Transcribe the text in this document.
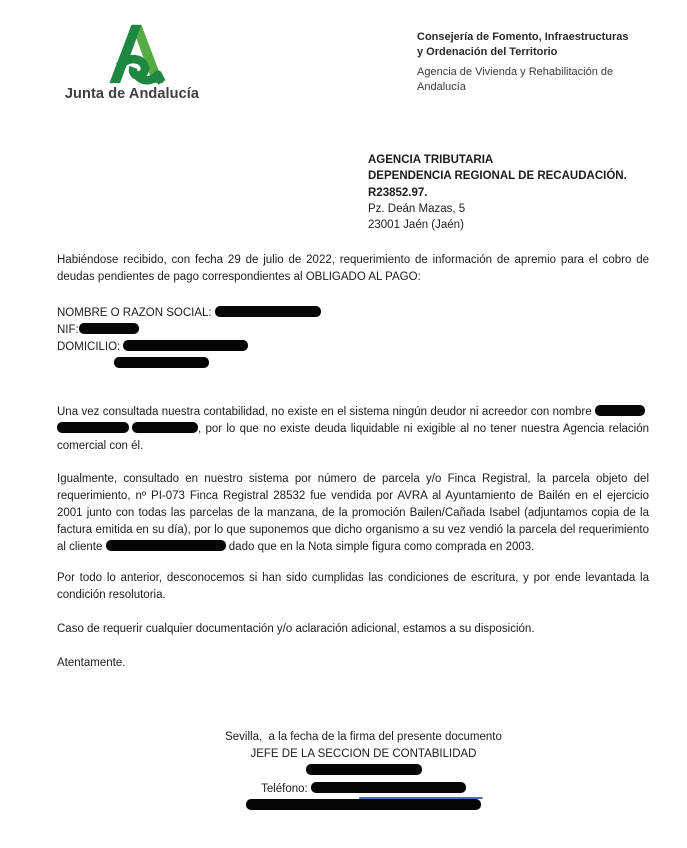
Junta de Andalucía
Consejería de Fomento, Infraestructuras
y Ordenación del Territorio
Agencia de Vivienda y Rehabilitación de Andalucía
AGENCIA TRIBUTARIA
DEPENDENCIA REGIONAL DE RECAUDACIÓN.
R23852.97.
Pz. Deán Mazas, 5
23001 Jaén (Jaén)
Habiéndose recibido, con fecha 29 de julio de 2022, requerimiento de información de apremio para el cobro de deudas pendientes de pago correspondientes al OBLIGADO AL PAGO:
NOMBRE O RAZON SOCIAL:
NIF:
DOMICILIO:
Una vez consultada nuestra contabilidad, no existe en el sistema ningún deudor ni acreedor con nombre , por lo que no existe deuda liquidable ni exigible al no tener nuestra Agencia relación comercial con él.
Igualmente, consultado en nuestro sistema por número de parcela y/o Finca Registral, la parcela objeto del requerimiento, nº PI-073 Finca Registral 28532 fue vendida por AVRA al Ayuntamiento de Bailén en el ejercicio 2001 junto con todas las parcelas de la manzana, de la promoción Bailen/Cañada Isabel (adjuntamos copia de la factura emitida en su día), por lo que suponemos que dicho organismo a su vez vendió la parcela del requerimiento al cliente	dado que en la Nota simple figura como comprada en 2003.
Por todo lo anterior, desconocemos si han sido cumplidas las condiciones de escritura, y por ende levantada la condición resolutoria.
Caso de requerir cualquier documentación y/o aclaración adicional, estamos a su disposición.
Atentamente.
Sevilla,  a la fecha de la firma del presente documento
JEFE DE LA SECCION DE CONTABILIDAD
Teléfono:
